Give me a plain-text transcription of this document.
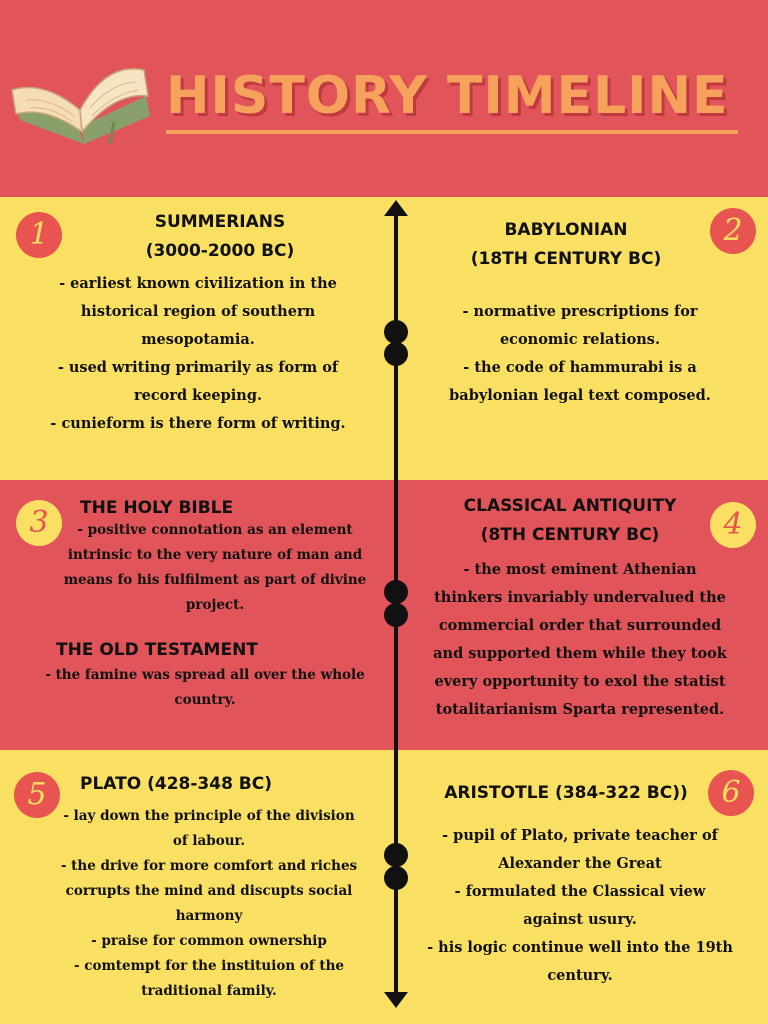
HISTORY TIMELINE
1	SUMMERIANS
(3000-2000 BC)
- earliest known civilization in the
historical region of southern
mesopotamia.
- used writing primarily as form of
record keeping.
- cunieform is there form of writing.
2
BABYLONIAN
(18TH CENTURY BC)
- normative prescriptions for
economic relations.
- the code of hammurabi is a
babylonian legal text composed.
3	THE HOLY BIBLE
- positive connotation as an element
intrinsic to the very nature of man and
means fo his fulfilment as part of divine
project.
THE OLD TESTAMENT
- the famine was spread all over the whole
country.
4
CLASSICAL ANTIQUITY
(8TH CENTURY BC)
- the most eminent Athenian
thinkers invariably undervalued the
commercial order that surrounded
and supported them while they took
every opportunity to exol the statist
totalitarianism Sparta represented.
5	PLATO (428-348 BC)
- lay down the principle of the division
of labour.
- the drive for more comfort and riches
corrupts the mind and discupts social
harmony
- praise for common ownership
- comtempt for the instituion of the
traditional family.
6
ARISTOTLE (384-322 BC))
- pupil of Plato, private teacher of
Alexander the Great
- formulated the Classical view
against usury.
- his logic continue well into the 19th
century.
